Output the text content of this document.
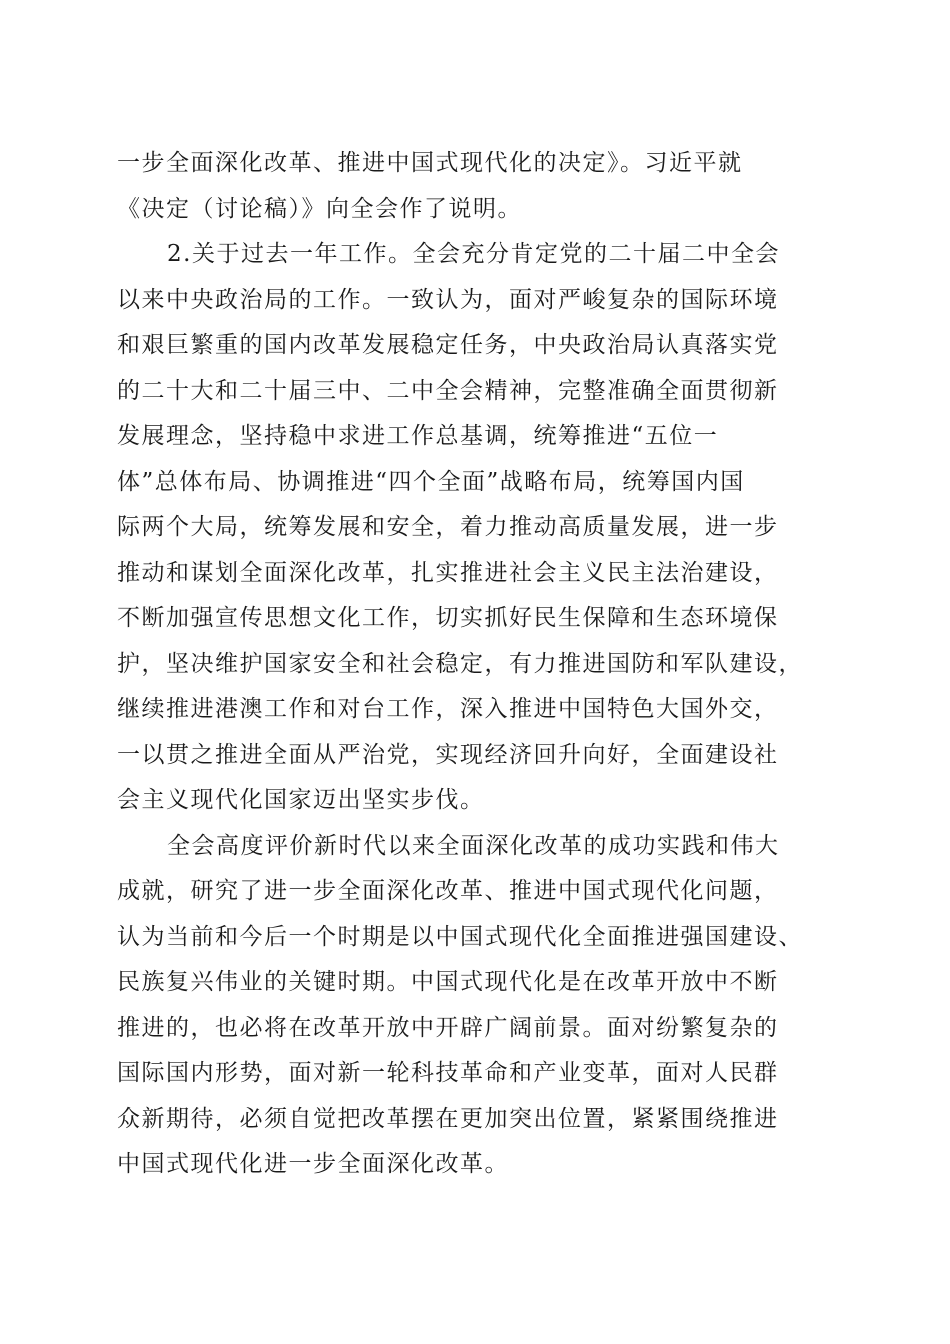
一步全面深化改革、推进中国式现代化的决定》。习近平就
《决定（讨论稿）》向全会作了说明。
2.关于过去一年工作。全会充分肯定党的二十届二中全会
以来中央政治局的工作。一致认为，面对严峻复杂的国际环境
和艰巨繁重的国内改革发展稳定任务，中央政治局认真落实党
的二十大和二十届三中、二中全会精神，完整准确全面贯彻新
发展理念，坚持稳中求进工作总基调，统筹推进“五位一
体”总体布局、协调推进“四个全面”战略布局，统筹国内国
际两个大局，统筹发展和安全，着力推动高质量发展，进一步
推动和谋划全面深化改革，扎实推进社会主义民主法治建设，
不断加强宣传思想文化工作，切实抓好民生保障和生态环境保
护，坚决维护国家安全和社会稳定，有力推进国防和军队建设，
继续推进港澳工作和对台工作，深入推进中国特色大国外交，
一以贯之推进全面从严治党，实现经济回升向好，全面建设社
会主义现代化国家迈出坚实步伐。
全会高度评价新时代以来全面深化改革的成功实践和伟大
成就，研究了进一步全面深化改革、推进中国式现代化问题，
认为当前和今后一个时期是以中国式现代化全面推进强国建设、
民族复兴伟业的关键时期。中国式现代化是在改革开放中不断
推进的，也必将在改革开放中开辟广阔前景。面对纷繁复杂的
国际国内形势，面对新一轮科技革命和产业变革，面对人民群
众新期待，必须自觉把改革摆在更加突出位置，紧紧围绕推进
中国式现代化进一步全面深化改革。
